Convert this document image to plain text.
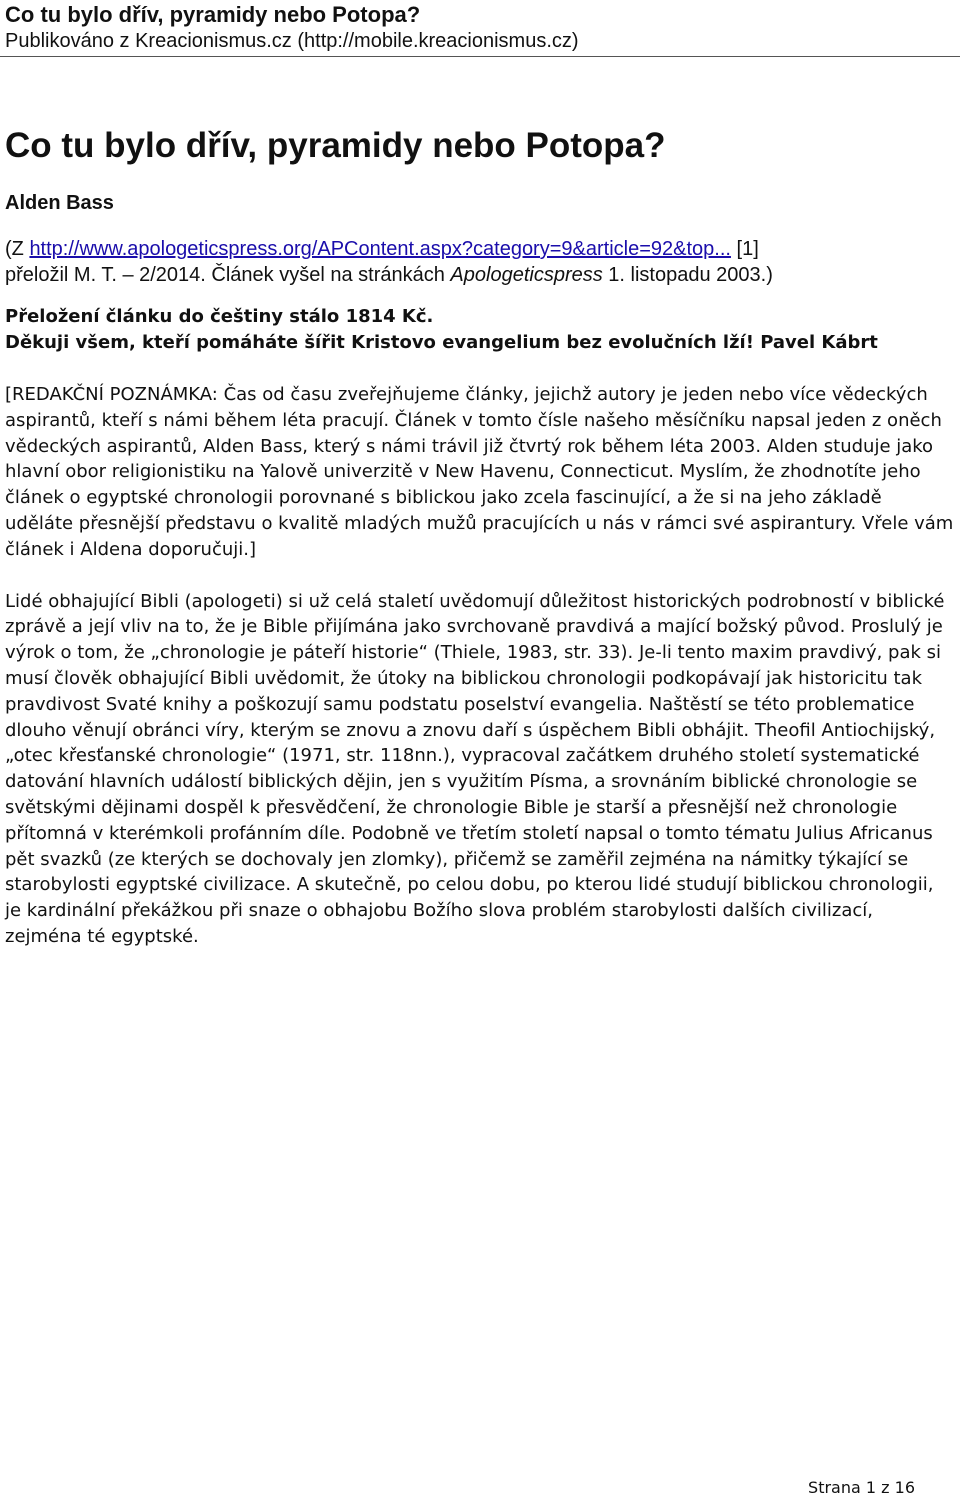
Co tu bylo dřív, pyramidy nebo Potopa?
Publikováno z Kreacionismus.cz (http://mobile.kreacionismus.cz)
Co tu bylo dřív, pyramidy nebo Potopa?
Alden Bass
(Z http://www.apologeticspress.org/APContent.aspx?category=9&article=92&top... [1]
přeložil M. T. – 2/2014. Článek vyšel na stránkách Apologeticspress 1. listopadu 2003.)
Přeložení článku do češtiny stálo 1814 Kč.
Děkuji všem, kteří pomáháte šířit Kristovo evangelium bez evolučních lží! Pavel Kábrt
[REDAKČNÍ POZNÁMKA: Čas od času zveřejňujeme články, jejichž autory je jeden nebo více vědeckých aspirantů, kteří s námi během léta pracují. Článek v tomto čísle našeho měsíčníku napsal jeden z oněch vědeckých aspirantů, Alden Bass, který s námi trávil již čtvrtý rok během léta 2003. Alden studuje jako hlavní obor religionistiku na Yalově univerzitě v New Havenu, Connecticut. Myslím, že zhodnotíte jeho článek o egyptské chronologii porovnané s biblickou jako zcela fascinující, a že si na jeho základě uděláte přesnější představu o kvalitě mladých mužů pracujících u nás v rámci své aspirantury. Vřele vám článek i Aldena doporučuji.]
Lidé obhajující Bibli (apologeti) si už celá staletí uvědomují důležitost historických podrobností v biblické zprávě a její vliv na to, že je Bible přijímána jako svrchovaně pravdivá a mající božský původ. Proslulý je výrok o tom, že „chronologie je páteří historie“ (Thiele, 1983, str. 33). Je-li tento maxim pravdivý, pak si musí člověk obhajující Bibli uvědomit, že útoky na biblickou chronologii podkopávají jak historicitu tak pravdivost Svaté knihy a poškozují samu podstatu poselství evangelia. Naštěstí se této problematice dlouho věnují obránci víry, kterým se znovu a znovu daří s úspěchem Bibli obhájit. Theofil Antiochijský, „otec křesťanské chronologie“ (1971, str. 118nn.), vypracoval začátkem druhého století systematické datování hlavních událostí biblických dějin, jen s využitím Písma, a srovnáním biblické chronologie se světskými dějinami dospěl k přesvědčení, že chronologie Bible je starší a přesnější než chronologie přítomná v kterémkoli profánním díle. Podobně ve třetím století napsal o tomto tématu Julius Africanus pět svazků (ze kterých se dochovaly jen zlomky), přičemž se zaměřil zejména na námitky týkající se starobylosti egyptské civilizace. A skutečně, po celou dobu, po kterou lidé studují biblickou chronologii, je kardinální překážkou při snaze o obhajobu Božího slova problém starobylosti dalších civilizací, zejména té egyptské.
Strana 1 z 16
